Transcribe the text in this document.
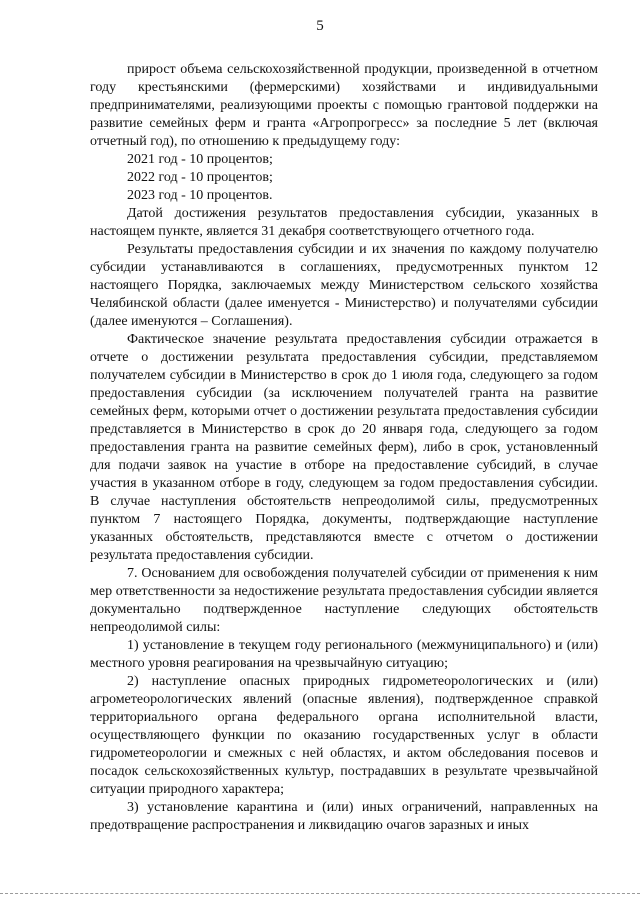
5

прирост объема сельскохозяйственной продукции, произведенной в отчетном году крестьянскими (фермерскими) хозяйствами и индивидуальными предпринимателями, реализующими проекты с помощью грантовой поддержки на развитие семейных ферм и гранта «Агропрогресс» за последние 5 лет (включая отчетный год), по отношению к предыдущему году:

2021 год - 10 процентов;

2022 год - 10 процентов;

2023 год - 10 процентов.

Датой достижения результатов предоставления субсидии, указанных в настоящем пункте, является 31 декабря соответствующего отчетного года.

Результаты предоставления субсидии и их значения по каждому получателю субсидии устанавливаются в соглашениях, предусмотренных пунктом 12 настоящего Порядка, заключаемых между Министерством сельского хозяйства Челябинской области (далее именуется - Министерство) и получателями субсидии (далее именуются – Соглашения).

Фактическое значение результата предоставления субсидии отражается в отчете о достижении результата предоставления субсидии, представляемом получателем субсидии в Министерство в срок до 1 июля года, следующего за годом предоставления субсидии (за исключением получателей гранта на развитие семейных ферм, которыми отчет о достижении результата предоставления субсидии представляется в Министерство в срок до 20 января года, следующего за годом предоставления гранта на развитие семейных ферм), либо в срок, установленный для подачи заявок на участие в отборе на предоставление субсидий, в случае участия в указанном отборе в году, следующем за годом предоставления субсидии. В случае наступления обстоятельств непреодолимой силы, предусмотренных пунктом 7 настоящего Порядка, документы, подтверждающие наступление указанных обстоятельств, представляются вместе с отчетом о достижении результата предоставления субсидии.

7. Основанием для освобождения получателей субсидии от применения к ним мер ответственности за недостижение результата предоставления субсидии является документально подтвержденное наступление следующих обстоятельств непреодолимой силы:

1) установление в текущем году регионального (межмуниципального) и (или) местного уровня реагирования на чрезвычайную ситуацию;

2) наступление опасных природных гидрометеорологических и (или) агрометеорологических явлений (опасные явления), подтвержденное справкой территориального органа федерального органа исполнительной власти, осуществляющего функции по оказанию государственных услуг в области гидрометеорологии и смежных с ней областях, и актом обследования посевов и посадок сельскохозяйственных культур, пострадавших в результате чрезвычайной ситуации природного характера;

3) установление карантина и (или) иных ограничений, направленных на предотвращение распространения и ликвидацию очагов заразных и иных
